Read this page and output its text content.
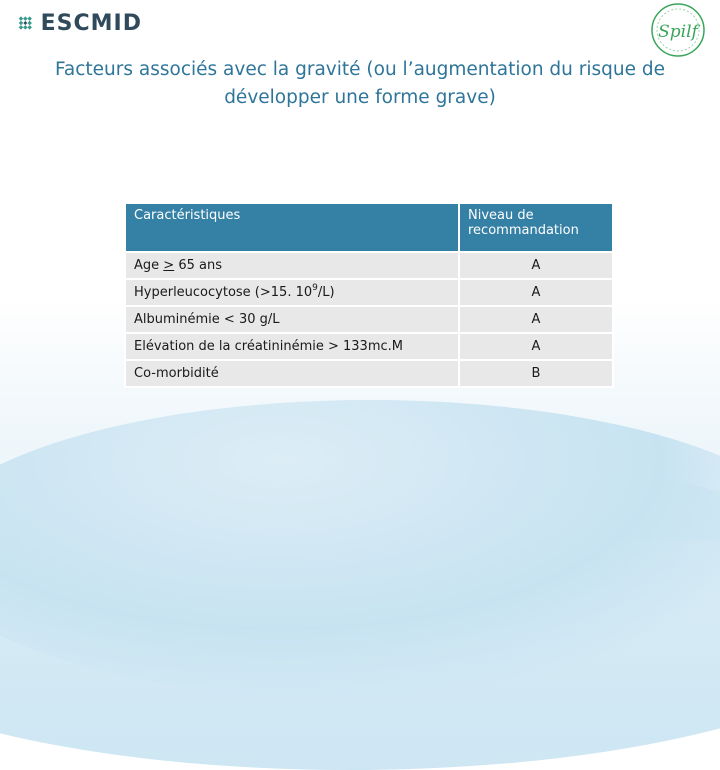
ESCMID	Spilf
Facteurs associés avec la gravité (ou l’augmentation du risque de développer une forme grave)
Caractéristiques	Niveau de recommandation
Age > 65 ans	A
Hyperleucocytose (>15. $10^9/L$)	A
Albuminémie < 30 g/L	A
Elévation de la créatininémie > 133mc.M	A
Co-morbidité	B
